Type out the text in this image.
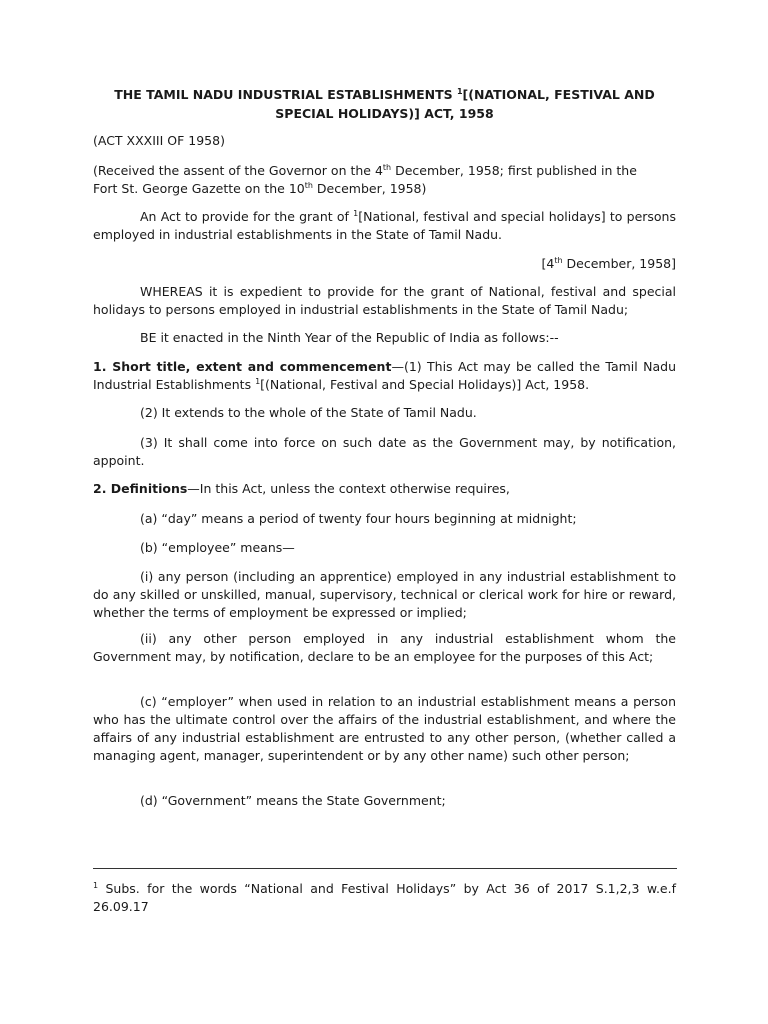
THE TAMIL NADU INDUSTRIAL ESTABLISHMENTS $^1$[(NATIONAL, FESTIVAL AND
SPECIAL HOLIDAYS)] ACT, 1958
(ACT XXXIII OF 1958)
(Received the assent of the Governor on the 4th December, 1958; first published in the
Fort St. George Gazette on the 10th December, 1958)
An Act to provide for the grant of $^1$[National, festival and special holidays] to persons employed in industrial establishments in the State of Tamil Nadu.
[4th December, 1958]
WHEREAS it is expedient to provide for the grant of National, festival and special holidays to persons employed in industrial establishments in the State of Tamil Nadu;
BE it enacted in the Ninth Year of the Republic of India as follows:--
1. Short title, extent and commencement—(1) This Act may be called the Tamil Nadu Industrial Establishments $^1$[(National, Festival and Special Holidays)] Act, 1958.
(2) It extends to the whole of the State of Tamil Nadu.
(3) It shall come into force on such date as the Government may, by notification, appoint.
2. Definitions—In this Act, unless the context otherwise requires,
(a) “day” means a period of twenty four hours beginning at midnight;
(b) “employee” means—
(i) any person (including an apprentice) employed in any industrial establishment to do any skilled or unskilled, manual, supervisory, technical or clerical work for hire or reward, whether the terms of employment be expressed or implied;
(ii) any other person employed in any industrial establishment whom the Government may, by notification, declare to be an employee for the purposes of this Act;
(c) “employer” when used in relation to an industrial establishment means a person who has the ultimate control over the affairs of the industrial establishment, and where the affairs of any industrial establishment are entrusted to any other person, (whether called a managing agent, manager, superintendent or by any other name) such other person;
(d) “Government” means the State Government;
$^1$ Subs. for the words “National and Festival Holidays” by Act 36 of 2017 S.1,2,3 w.e.f 26.09.17
